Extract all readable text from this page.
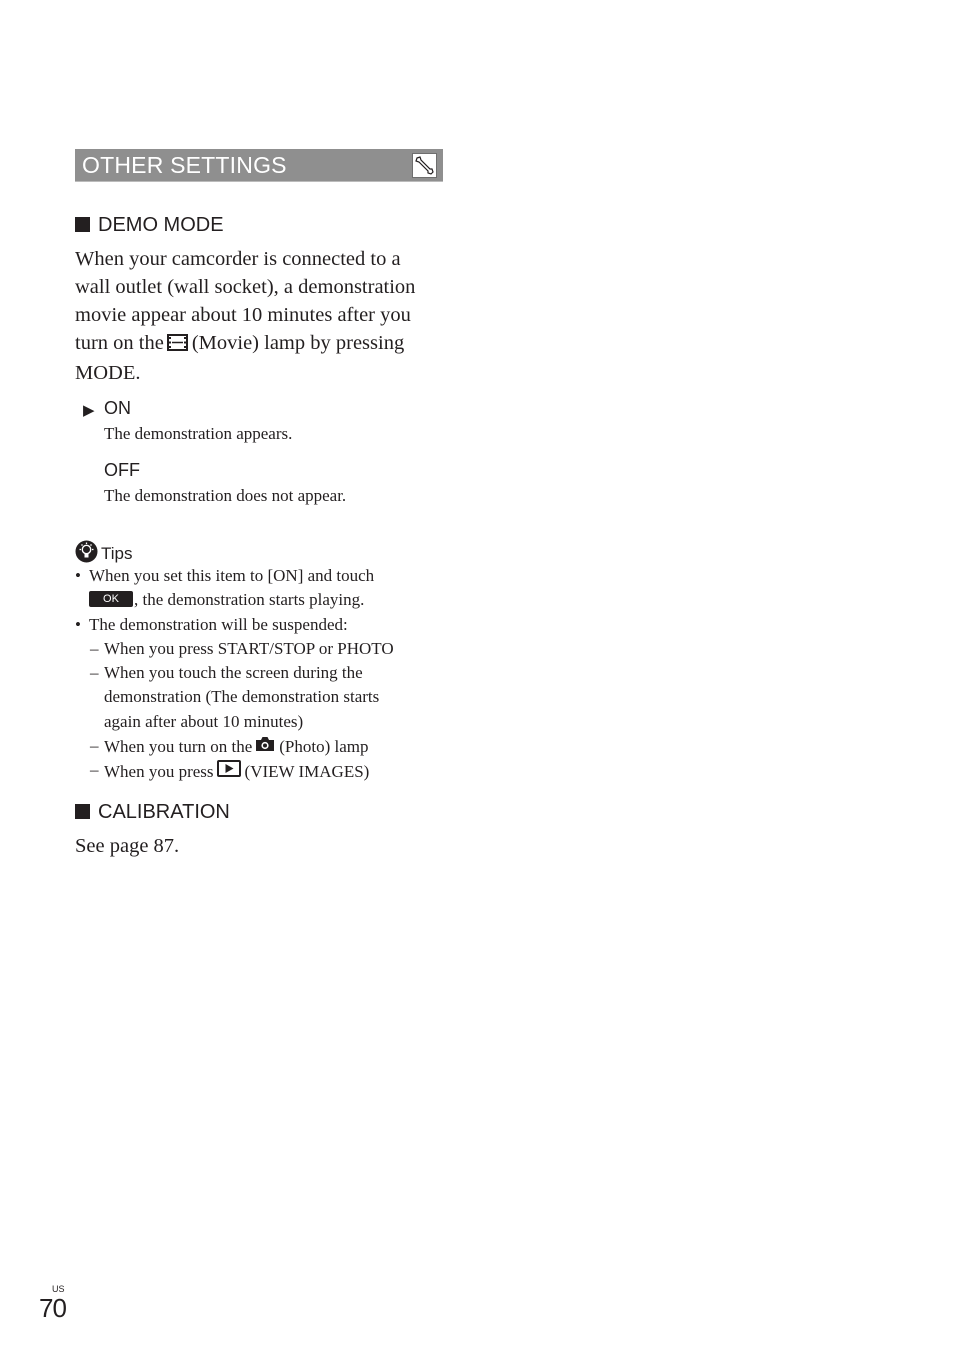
OTHER SETTINGS
DEMO MODE

When your camcorder is connected to a

wall outlet (wall socket), a demonstration

movie appear about 10 minutes after you

turn on the (Movie) lamp by pressing

MODE.

▶ ON
The demonstration appears.
OFF
The demonstration does not appear.
Tips
• When you set this item to [ON] and touch
OK , the demonstration starts playing.
• The demonstration will be suspended:
– When you press START/STOP or PHOTO
– When you touch the screen during the
demonstration (The demonstration starts
again after about 10 minutes)
– When you turn on the (Photo) lamp
– When you press (VIEW IMAGES)
CALIBRATION
See page 87.
US
70
